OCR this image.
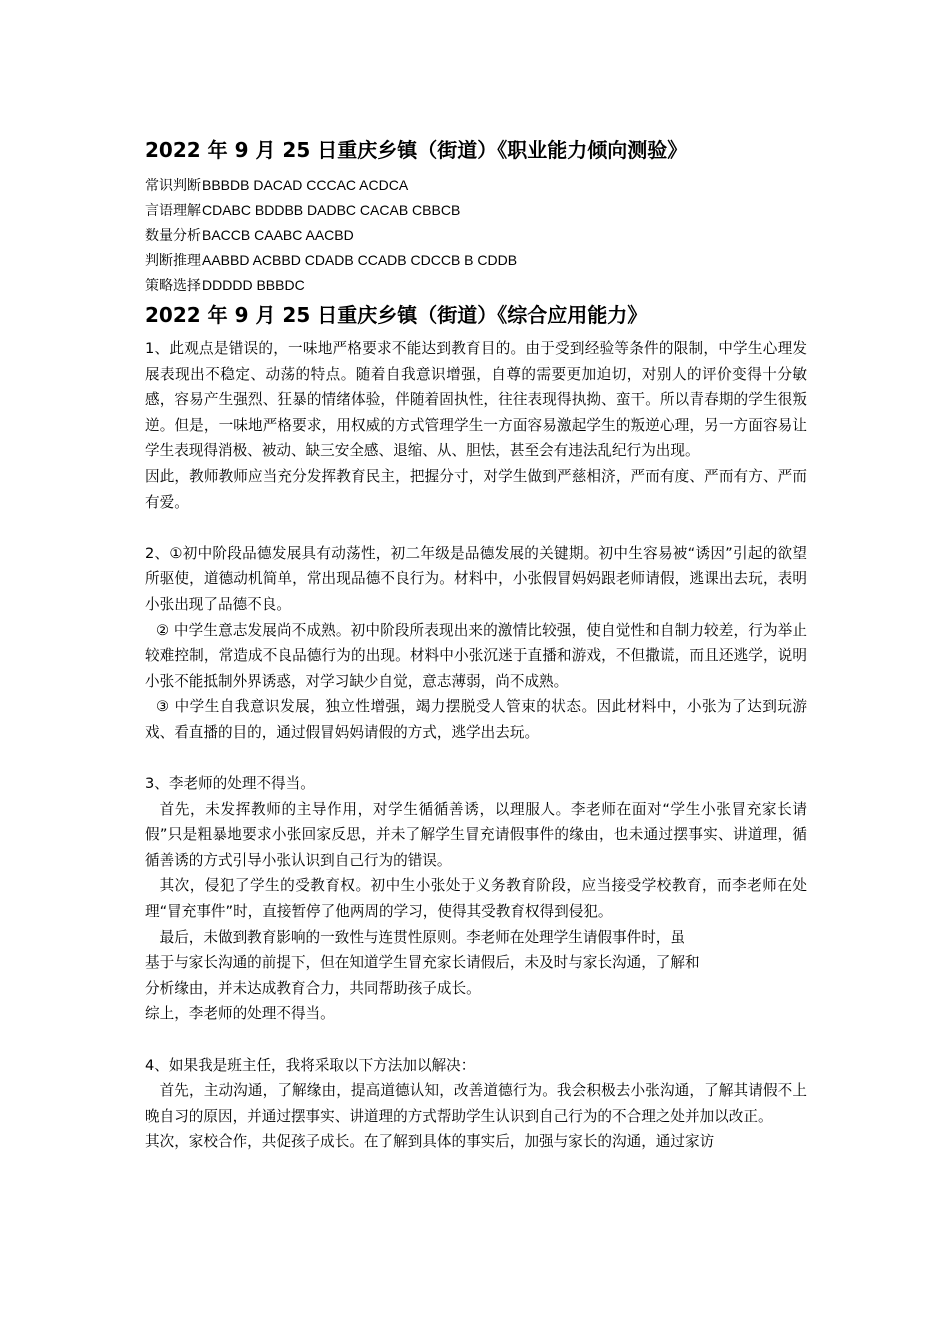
2022 年 9 月 25 日重庆乡镇（街道）《职业能力倾向测验》
常识判断BBBDB DACAD CCCAC ACDCA
言语理解CDABC BDDBB DADBC CACAB CBBCB
数量分析BACCB CAABC AACBD
判断推理AABBD ACBBD CDADB CCADB CDCCB B CDDB
策略选择DDDDD BBBDC
2022 年 9 月 25 日重庆乡镇（街道）《综合应用能力》

1、此观点是错误的，一味地严格要求不能达到教育目的。由于受到经验等条件的限制，中学生心理发展表现出不稳定、动荡的特点。随着自我意识增强，自尊的需要更加迫切，对别人的评价变得十分敏感，容易产生强烈、狂暴的情绪体验，伴随着固执性，往往表现得执拗、蛮干。所以青春期的学生很叛逆。但是，一味地严格要求，用权威的方式管理学生一方面容易激起学生的叛逆心理，另一方面容易让学生表现得消极、被动、缺三安全感、退缩、从、胆怯，甚至会有违法乱纪行为出现。

因此，教师教师应当充分发挥教育民主，把握分寸，对学生做到严慈相济，严而有度、严而有方、严而有爱。

2、①初中阶段品德发展具有动荡性，初二年级是品德发展的关键期。初中生容易被“诱因”引起的欲望所驱使，道德动机简单，常出现品德不良行为。材料中，小张假冒妈妈跟老师请假，逃课出去玩，表明小张出现了品德不良。

② 中学生意志发展尚不成熟。初中阶段所表现出来的激情比较强，使自觉性和自制力较差，行为举止较难控制，常造成不良品德行为的出现。材料中小张沉迷于直播和游戏，不但撒谎，而且还逃学，说明小张不能抵制外界诱惑，对学习缺少自觉，意志薄弱，尚不成熟。

③ 中学生自我意识发展，独立性增强，竭力摆脱受人管束的状态。因此材料中，小张为了达到玩游戏、看直播的目的，通过假冒妈妈请假的方式，逃学出去玩。

3、李老师的处理不得当。

首先，未发挥教师的主导作用，对学生循循善诱，以理服人。李老师在面对“学生小张冒充家长请假”只是粗暴地要求小张回家反思，并未了解学生冒充请假事件的缘由，也未通过摆事实、讲道理，循循善诱的方式引导小张认识到自己行为的错误。

其次，侵犯了学生的受教育权。初中生小张处于义务教育阶段，应当接受学校教育，而李老师在处理“冒充事件”时，直接暂停了他两周的学习，使得其受教育权得到侵犯。

最后，未做到教育影响的一致性与连贯性原则。李老师在处理学生请假事件时，虽
基于与家长沟通的前提下，但在知道学生冒充家长请假后，未及时与家长沟通，了解和
分析缘由，并未达成教育合力，共同帮助孩子成长。

综上，李老师的处理不得当。

4、如果我是班主任，我将采取以下方法加以解决：

首先，主动沟通，了解缘由，提高道德认知，改善道德行为。我会积极去小张沟通，了解其请假不上晚自习的原因，并通过摆事实、讲道理的方式帮助学生认识到自己行为的不合理之处并加以改正。

其次，家校合作，共促孩子成长。在了解到具体的事实后，加强与家长的沟通，通过家访
